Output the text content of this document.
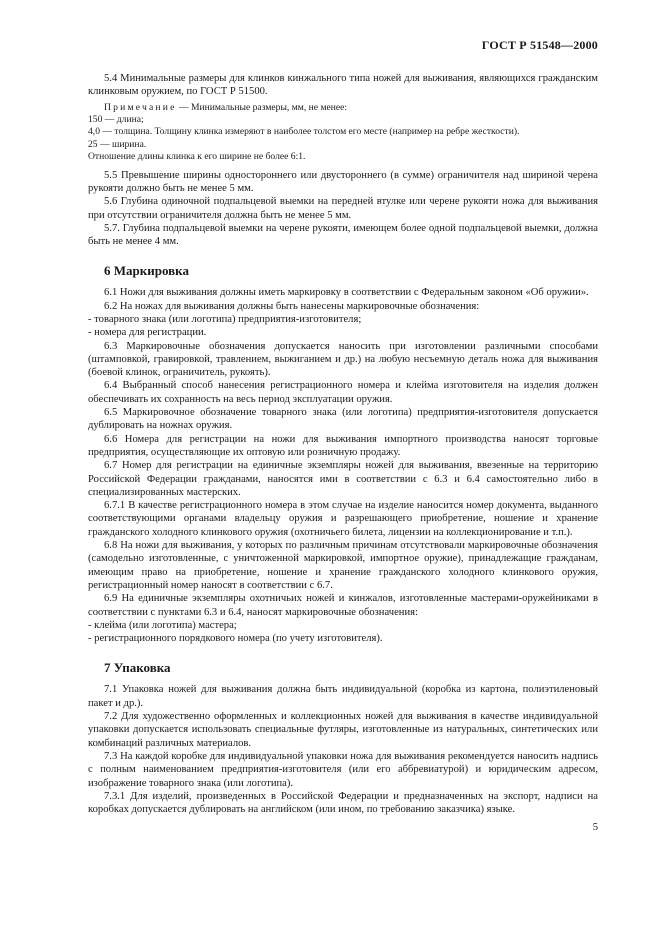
ГОСТ Р 51548—2000

5.4 Минимальные размеры для клинков кинжального типа ножей для выживания, являющихся гражданским клинковым оружием, по ГОСТ Р 51500.

Примечание — Минимальные размеры, мм, не менее:

150 — длина;

4,0 — толщина. Толщину клинка измеряют в наиболее толстом его месте (например на ребре жесткости).

25 — ширина.

Отношение длины клинка к его ширине не более 6:1.

5.5 Превышение ширины одностороннего или двустороннего (в сумме) ограничителя над шириной черена рукояти должно быть не менее 5 мм.

5.6 Глубина одиночной подпальцевой выемки на передней втулке или черене рукояти ножа для выживания при отсутствии ограничителя должна быть не менее 5 мм.

5.7. Глубина подпальцевой выемки на черене рукояти, имеющем более одной подпальцевой выемки, должна быть не менее 4 мм.

6 Маркировка

6.1 Ножи для выживания должны иметь маркировку в соответствии с Федеральным законом «Об оружии».

6.2 На ножах для выживания должны быть нанесены маркировочные обозначения:

- товарного знака (или логотипа) предприятия-изготовителя;

- номера для регистрации.

6.3 Маркировочные обозначения допускается наносить при изготовлении различными способами (штамповкой, гравировкой, травлением, выжиганием и др.) на любую несъемную деталь ножа для выживания (боевой клинок, ограничитель, рукоять).

6.4 Выбранный способ нанесения регистрационного номера и клейма изготовителя на изделия должен обеспечивать их сохранность на весь период эксплуатации оружия.

6.5 Маркировочное обозначение товарного знака (или логотипа) предприятия-изготовителя допускается дублировать на ножнах оружия.

6.6 Номера для регистрации на ножи для выживания импортного производства наносят торговые предприятия, осуществляющие их оптовую или розничную продажу.

6.7 Номер для регистрации на единичные экземпляры ножей для выживания, ввезенные на территорию Российской Федерации гражданами, наносятся ими в соответствии с 6.3 и 6.4 самостоятельно либо в специализированных мастерских.

6.7.1 В качестве регистрационного номера в этом случае на изделие наносится номер документа, выданного соответствующими органами владельцу оружия и разрешающего приобретение, ношение и хранение гражданского холодного клинкового оружия (охотничьего билета, лицензии на коллекционирование и т.п.).

6.8 На ножи для выживания, у которых по различным причинам отсутствовали маркировочные обозначения (самодельно изготовленные, с уничтоженной маркировкой, импортное оружие), принадлежащие гражданам, имеющим право на приобретение, ношение и хранение гражданского холодного клинкового оружия, регистрационный номер наносят в соответствии с 6.7.

6.9 На единичные экземпляры охотничьих ножей и кинжалов, изготовленные мастерами-оружейниками в соответствии с пунктами 6.3 и 6.4, наносят маркировочные обозначения:

- клейма (или логотипа) мастера;

- регистрационного порядкового номера (по учету изготовителя).

7 Упаковка

7.1 Упаковка ножей для выживания должна быть индивидуальной (коробка из картона, полиэтиленовый пакет и др.).

7.2 Для художественно оформленных и коллекционных ножей для выживания в качестве индивидуальной упаковки допускается использовать специальные футляры, изготовленные из натуральных, синтетических или комбинаций различных материалов.

7.3 На каждой коробке для индивидуальной упаковки ножа для выживания рекомендуется наносить надпись с полным наименованием предприятия-изготовителя (или его аббревиатурой) и юридическим адресом, изображение товарного знака (или логотипа).

7.3.1 Для изделий, произведенных в Российской Федерации и предназначенных на экспорт, надписи на коробках допускается дублировать на английском (или ином, по требованию заказчика) языке.

5
